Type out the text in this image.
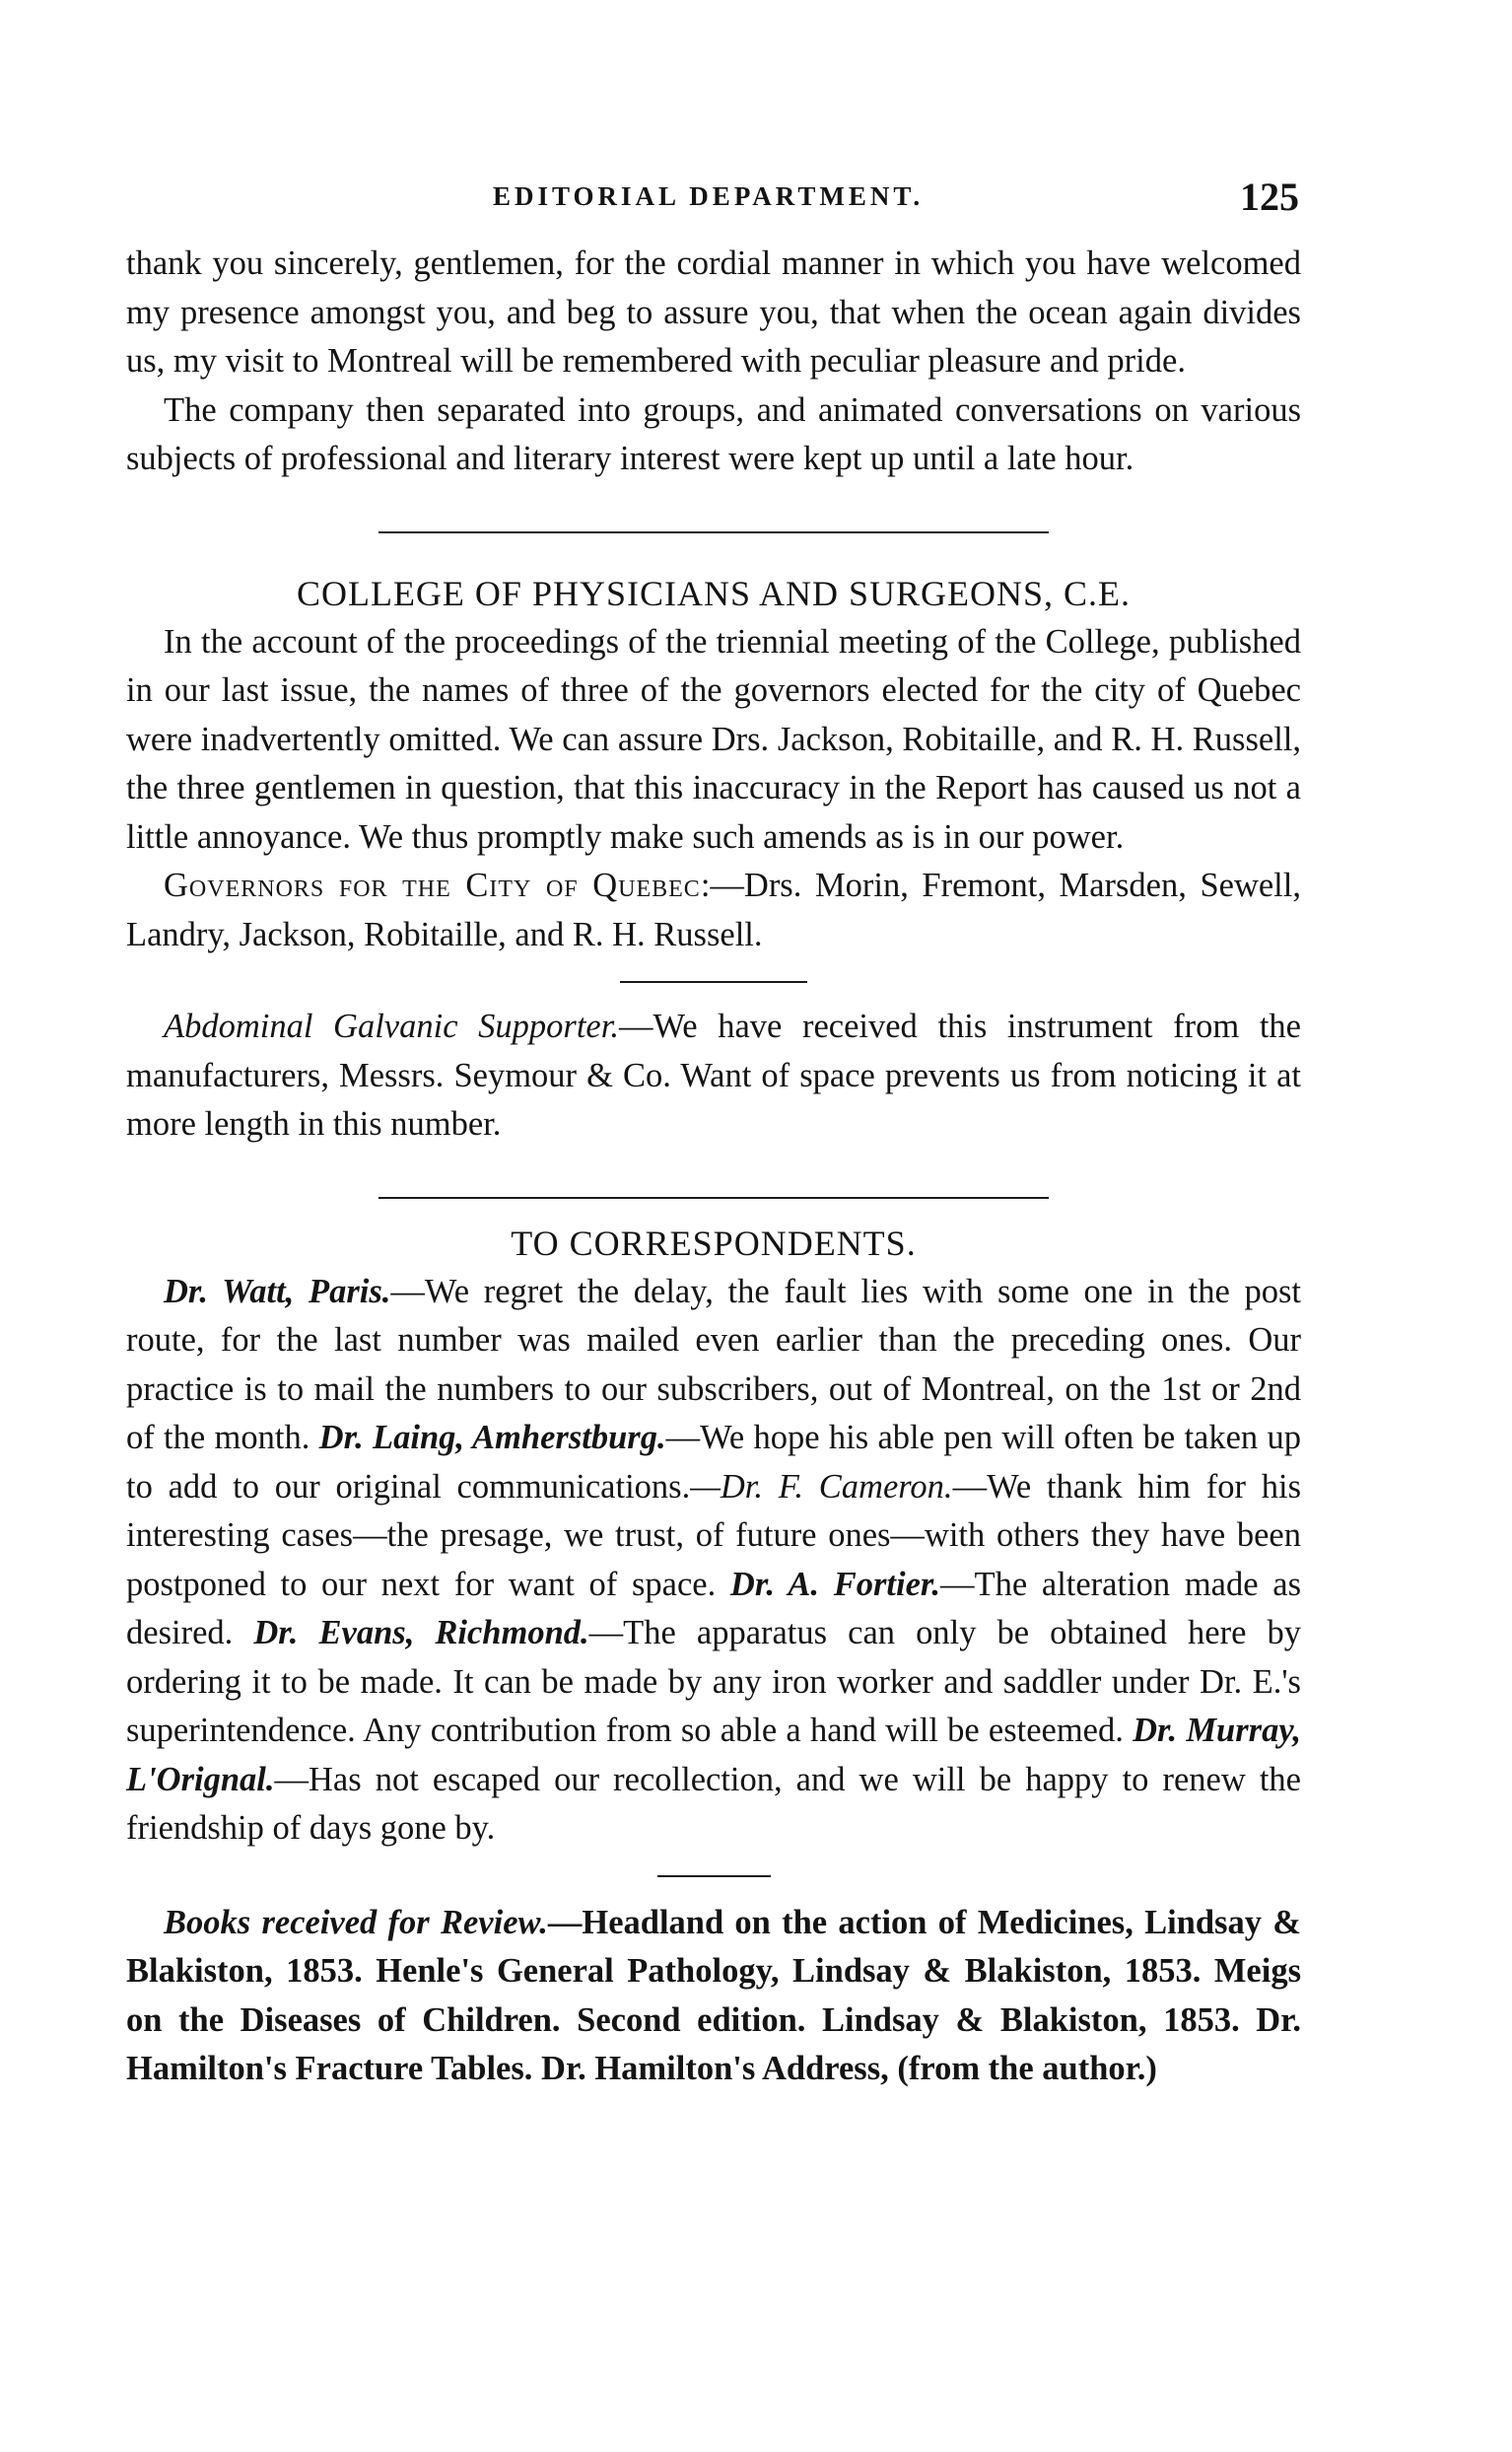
EDITORIAL DEPARTMENT.	125

thank you sincerely, gentlemen, for the cordial manner in which you have welcomed my presence amongst you, and beg to assure you, that when the ocean again divides us, my visit to Montreal will be remembered with peculiar pleasure and pride.

The company then separated into groups, and animated conversations on various subjects of professional and literary interest were kept up until a late hour.

COLLEGE OF PHYSICIANS AND SURGEONS, C.E.

In the account of the proceedings of the triennial meeting of the College, published in our last issue, the names of three of the governors elected for the city of Quebec were inadvertently omitted. We can assure Drs. Jackson, Robitaille, and R. H. Russell, the three gentlemen in question, that this inaccuracy in the Report has caused us not a little annoyance. We thus promptly make such amends as is in our power.

Governors for the City of Quebec:—Drs. Morin, Fremont, Marsden, Sewell, Landry, Jackson, Robitaille, and R. H. Russell.

Abdominal Galvanic Supporter.—We have received this instrument from the manufacturers, Messrs. Seymour & Co. Want of space prevents us from noticing it at more length in this number.

TO CORRESPONDENTS.

Dr. Watt, Paris.—We regret the delay, the fault lies with some one in the post route, for the last number was mailed even earlier than the preceding ones. Our practice is to mail the numbers to our subscribers, out of Montreal, on the 1st or 2nd of the month. Dr. Laing, Amherstburg.—We hope his able pen will often be taken up to add to our original communications.—Dr. F. Cameron.—We thank him for his interesting cases—the presage, we trust, of future ones—with others they have been postponed to our next for want of space. Dr. A. Fortier.—The alteration made as desired. Dr. Evans, Richmond.—The apparatus can only be obtained here by ordering it to be made. It can be made by any iron worker and saddler under Dr. E.'s superintendence. Any contribution from so able a hand will be esteemed. Dr. Murray, L'Orignal.—Has not escaped our recollection, and we will be happy to renew the friendship of days gone by.

Books received for Review.—Headland on the action of Medicines, Lindsay & Blakiston, 1853. Henle's General Pathology, Lindsay & Blakiston, 1853. Meigs on the Diseases of Children. Second edition. Lindsay & Blakiston, 1853. Dr. Hamilton's Fracture Tables. Dr. Hamilton's Address, (from the author.)
